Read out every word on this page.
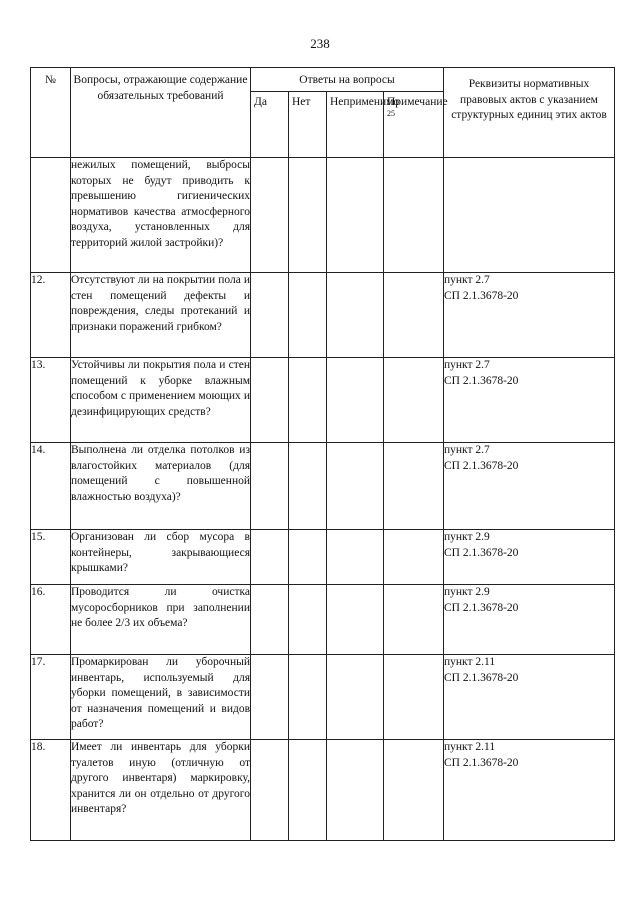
238
№	Вопросы, отражающие содержание обязательных требований	Ответы на вопросы				Реквизиты нормативных правовых актов с указанием структурных единиц этих актов
		Да	Нет	Неприменимо	Примечание $^{25}$
	нежилых помещений, выбросы которых не будут приводить к превышению гигиенических нормативов качества атмосферного воздуха, установленных для территорий жилой застройки)?					

12.	Отсутствуют ли на покрытии пола и стен помещений дефекты и повреждения, следы протеканий и признаки поражений грибком?					пункт 2.7
СП 2.1.3678-20

13.	Устойчивы ли покрытия пола и стен помещений к уборке влажным способом с применением моющих и дезинфицирующих средств?					пункт 2.7
СП 2.1.3678-20

14.	Выполнена ли отделка потолков из влагостойких материалов (для помещений с повышенной влажностью воздуха)?					пункт 2.7
СП 2.1.3678-20

15.	Организован ли сбор мусора в контейнеры, закрывающиеся крышками?					пункт 2.9
СП 2.1.3678-20

16.	Проводится ли очистка мусоросборников при заполнении не более 2/3 их объема?					пункт 2.9
СП 2.1.3678-20

17.	Промаркирован ли уборочный инвентарь, используемый для уборки помещений, в зависимости от назначения помещений и видов работ?					пункт 2.11
СП 2.1.3678-20

18.	Имеет ли инвентарь для уборки туалетов иную (отличную от другого инвентаря) маркировку, хранится ли он отдельно от другого инвентаря?					пункт 2.11
СП 2.1.3678-20
